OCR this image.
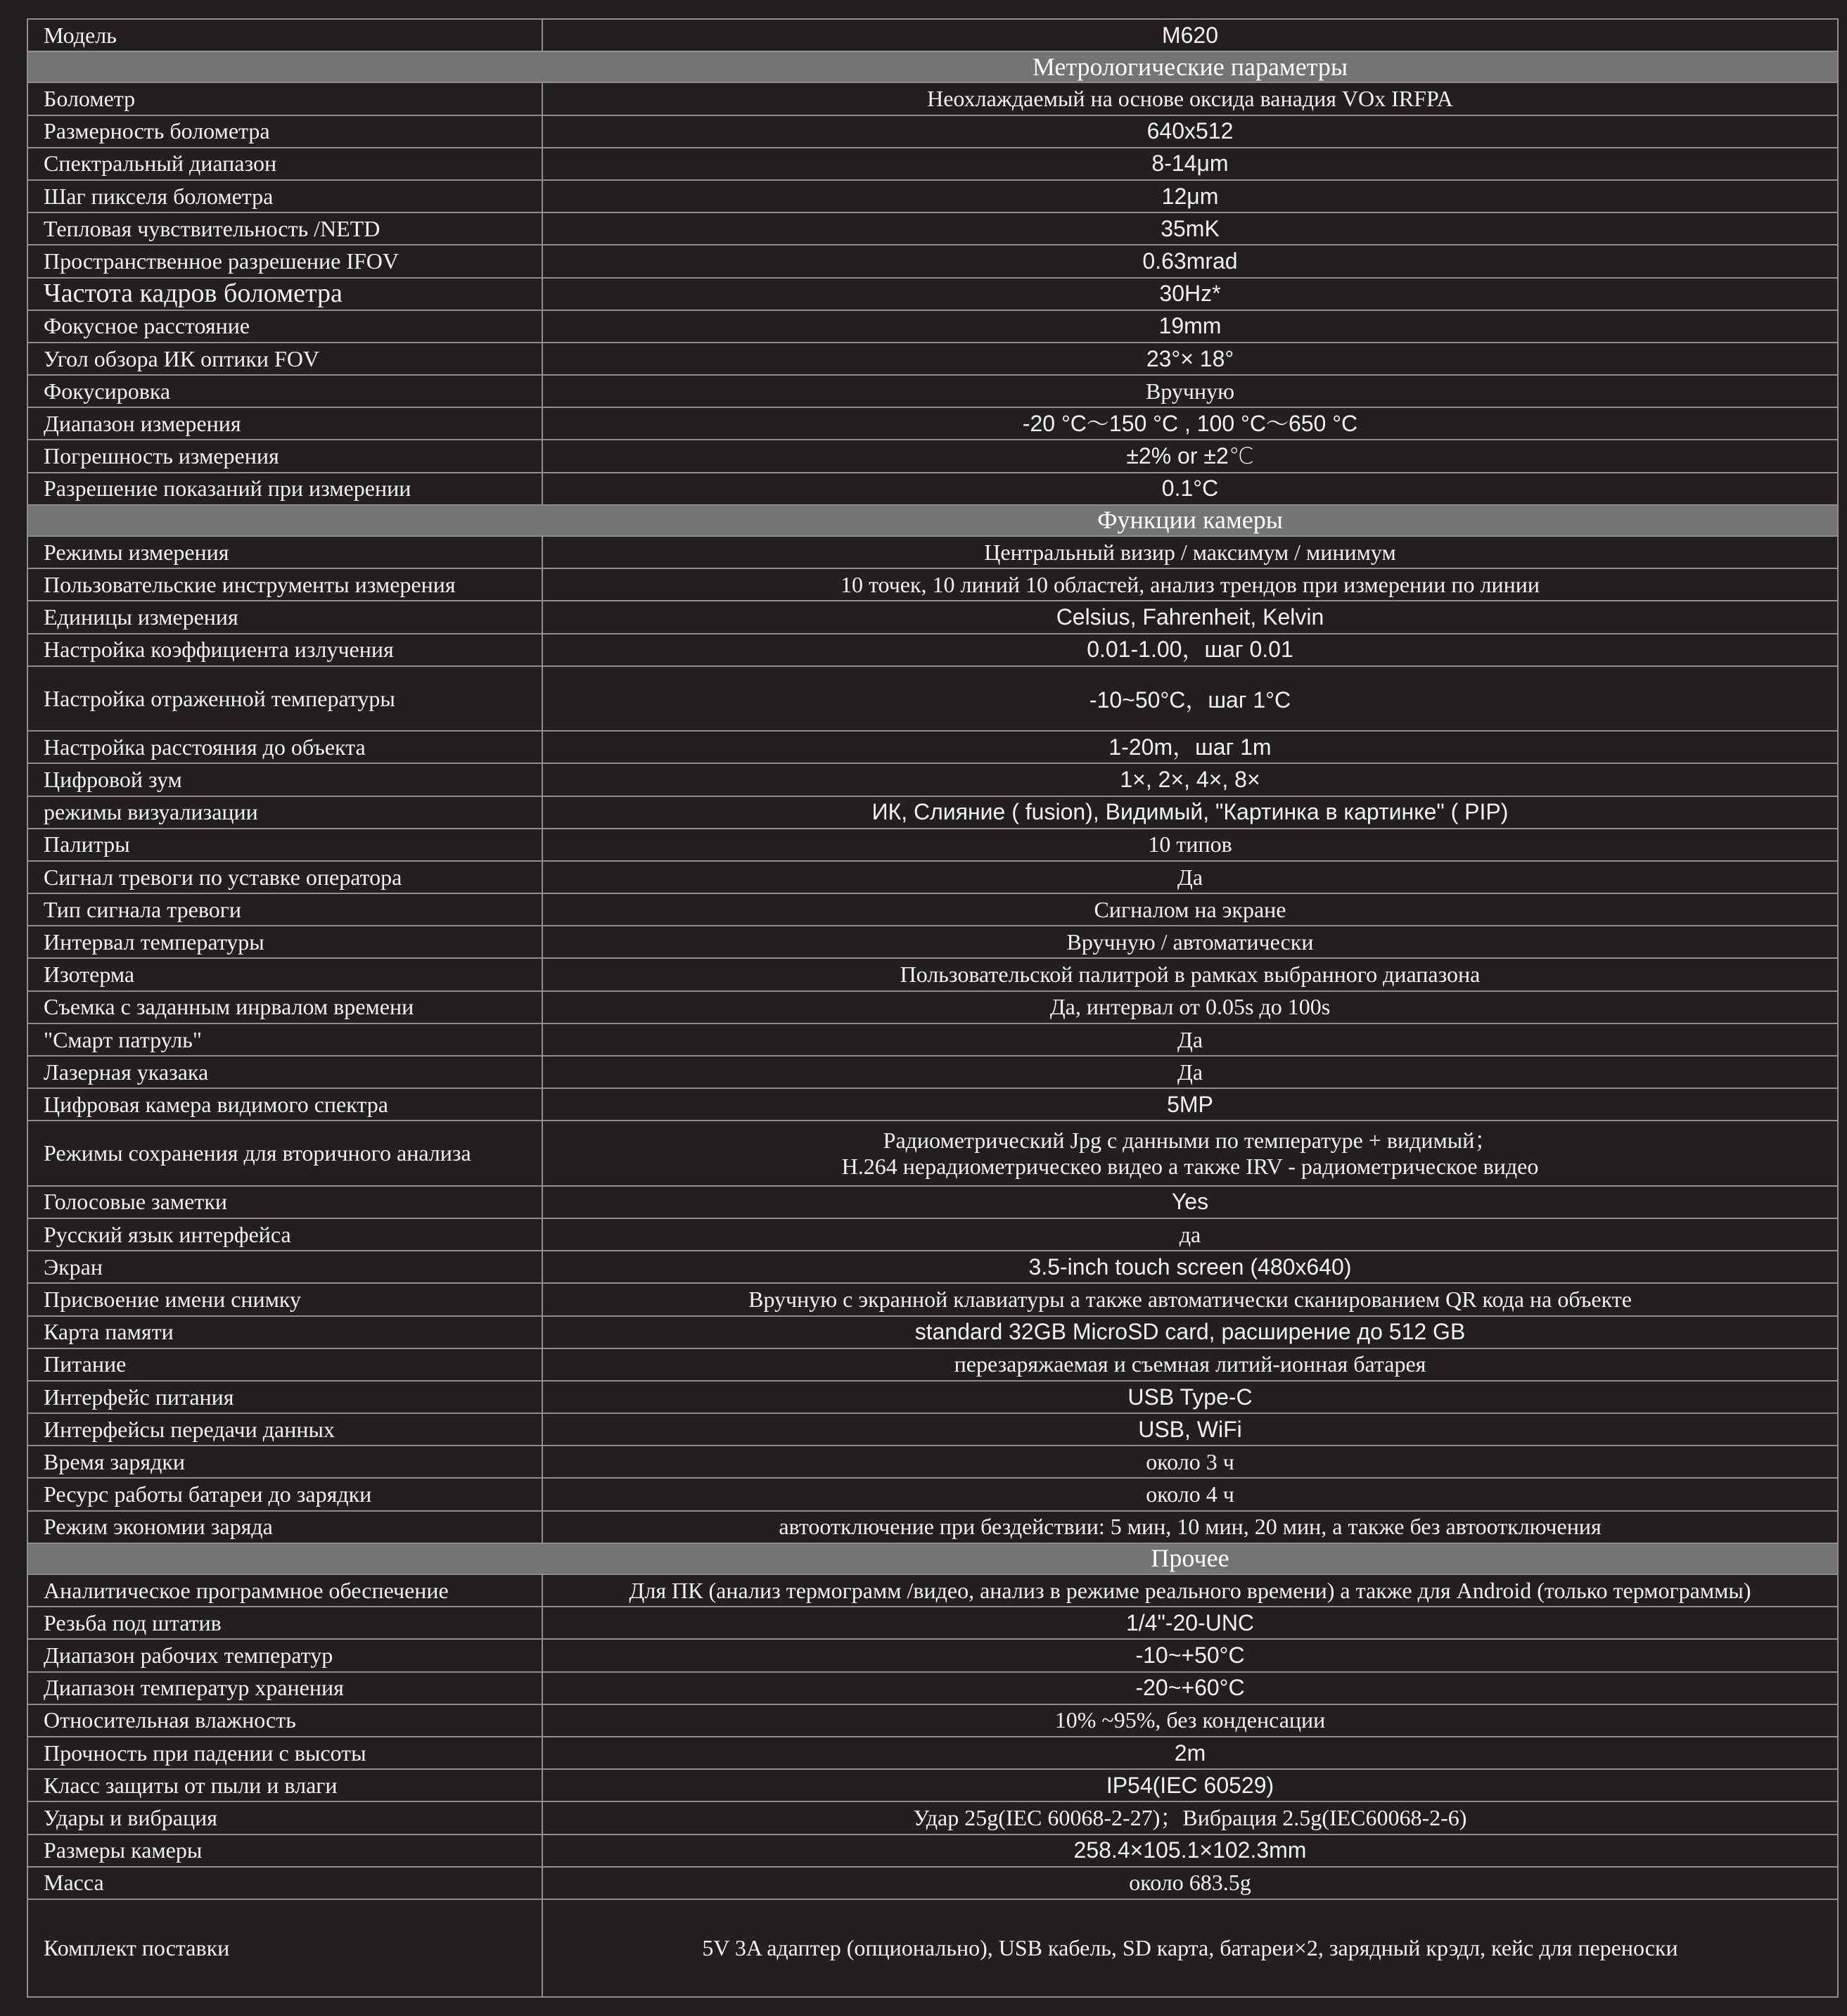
Модель	M620
Метрологические параметры	
Болометр	Неохлаждаемый на основе оксида ванадия VOx IRFPA
Размерность болометра	640x512
Спектральный диапазон	8-14μm
Шаг пикселя болометра	12μm
Тепловая чувствительность /NETD	35mK
Пространственное разрешение IFOV	0.63mrad
Частота кадров болометра	30Hz*
Фокусное расстояние	19mm
Угол обзора ИК оптики FOV	23°× 18°
Фокусировка	Вручную
Диапазон измерения	-20 °C～150 °C , 100 °C～650 °C
Погрешность измерения	±2% or ±2℃
Разрешение показаний при измерении	0.1°C
Функции камеры	
Режимы измерения	Центральный визир / максимум / минимум
Пользовательские инструменты измерения	10 точек, 10 линий 10 областей, анализ трендов при измерении по линии
Единицы измерения	Celsius, Fahrenheit, Kelvin
Настройка коэффициента излучения	0.01-1.00，шаг 0.01
Настройка отраженной температуры	-10~50°C，шаг 1°C
Настройка расстояния до объекта	1-20m，шаг 1m
Цифровой зум	1×, 2×, 4×, 8×
режимы визуализации	ИК, Слияние ( fusion), Видимый, "Картинка в картинке" ( PIP)
Палитры	10 типов
Сигнал тревоги по уставке оператора	Да
Тип сигнала тревоги	Сигналом на экране
Интервал температуры	Вручную / автоматически
Изотерма	Пользовательской палитрой в рамках выбранного диапазона
Съемка с заданным инрвалом времени	Да, интервал от 0.05s до 100s
"Смарт патруль"	Да
Лазерная указака	Да
Цифровая камера видимого спектра	5MP
Режимы сохранения для вторичного анализа	Радиометрический Jpg с данными по температуре + видимый；
H.264 нерадиометрическео видео а также IRV - радиометрическое видео

Голосовые заметки	Yes
Русский язык интерфейса	да
Экран	3.5-inch touch screen (480x640)
Присвоение имени снимку	Вручную с экранной клавиатуры а также автоматически сканированием QR кода на объекте
Карта памяти	standard 32GB MicroSD card, расширение до 512 GB
Питание	перезаряжаемая и съемная литий-ионная батарея
Интерфейс питания	USB Type-C
Интерфейсы передачи данных	USB, WiFi
Время зарядки	около 3 ч
Ресурс работы батареи до зарядки	около 4 ч
Режим экономии заряда	автоотключение при бездействии: 5 мин, 10 мин, 20 мин, а также без автоотключения
Прочее	
Аналитическое программное обеспечение	Для ПК (анализ термограмм /видео, анализ в режиме реального времени) а также для Android (только термограммы)
Резьба под штатив	1/4"-20-UNC
Диапазон рабочих температур	-10~+50°C
Диапазон температур хранения	-20~+60°C
Относительная влажность	10% ~95%, без конденсации
Прочность при падении с высоты	2m
Класс защиты от пыли и влаги	IP54(IEC 60529)
Удары и вибрация	Удар 25g(IEC 60068-2-27)；Вибрация 2.5g(IEC60068-2-6)
Размеры камеры	258.4×105.1×102.3mm
Масса	около 683.5g
Комплект поставки	5V 3A адаптер (опционально), USB кабель, SD карта, батареи×2, зарядный крэдл, кейс для переноски
